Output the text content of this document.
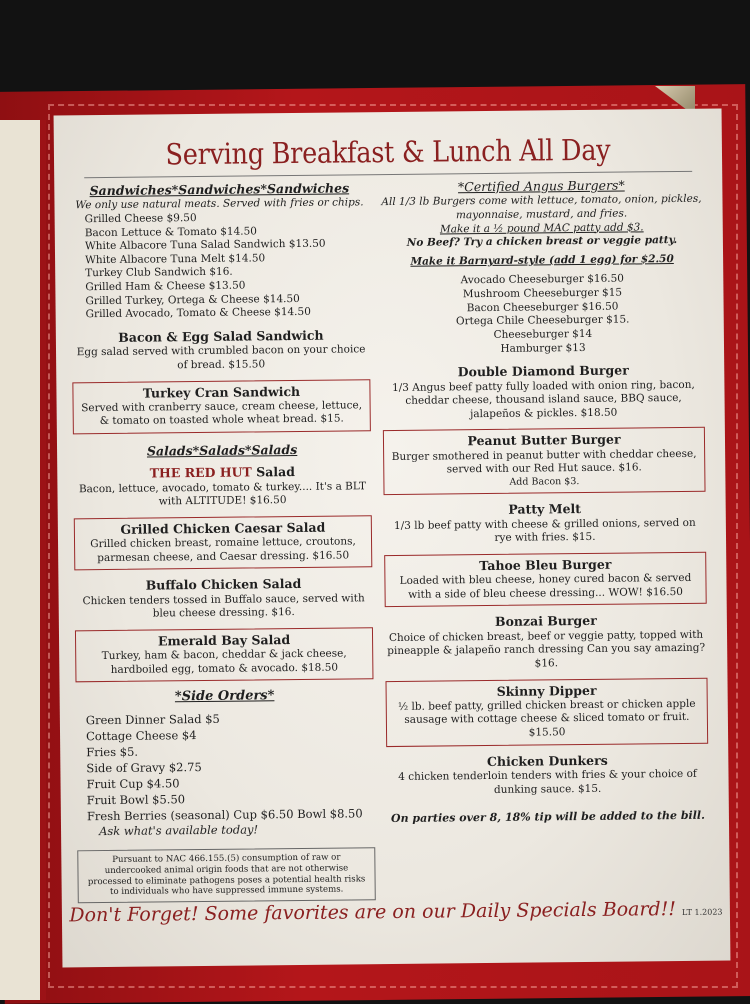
Serving Breakfast & Lunch All Day
Sandwiches*Sandwiches*Sandwiches
We only use natural meats. Served with fries or chips.
Grilled Cheese $9.50
Bacon Lettuce & Tomato $14.50
White Albacore Tuna Salad Sandwich $13.50
White Albacore Tuna Melt $14.50
Turkey Club Sandwich $16.
Grilled Ham & Cheese $13.50
Grilled Turkey, Ortega & Cheese $14.50
Grilled Avocado, Tomato & Cheese $14.50
Bacon & Egg Salad Sandwich
Egg salad served with crumbled bacon on your choice of bread. $15.50
Turkey Cran Sandwich
Served with cranberry sauce, cream cheese, lettuce, & tomato on toasted whole wheat bread. $15.
Salads*Salads*Salads
THE RED HUT Salad
Bacon, lettuce, avocado, tomato & turkey.... It's a BLT with ALTITUDE! $16.50
Grilled Chicken Caesar Salad
Grilled chicken breast, romaine lettuce, croutons, parmesan cheese, and Caesar dressing. $16.50
Buffalo Chicken Salad
Chicken tenders tossed in Buffalo sauce, served with bleu cheese dressing. $16.
Emerald Bay Salad
Turkey, ham & bacon, cheddar & jack cheese, hardboiled egg, tomato & avocado. $18.50
*Side Orders*
Green Dinner Salad $5
Cottage Cheese $4
Fries $5.
Side of Gravy $2.75
Fruit Cup $4.50
Fruit Bowl $5.50
Fresh Berries (seasonal) Cup $6.50 Bowl $8.50
Ask what's available today!
Pursuant to NAC 466.155.(5) consumption of raw or undercooked animal origin foods that are not otherwise processed to eliminate pathogens poses a potential health risks to individuals who have suppressed immune systems.
*Certified Angus Burgers*
All 1/3 lb Burgers come with lettuce, tomato, onion, pickles, mayonnaise, mustard, and fries.
Make it a ½ pound MAC patty add $3.
No Beef? Try a chicken breast or veggie patty.
Make it Barnyard-style (add 1 egg) for $2.50
Avocado Cheeseburger $16.50
Mushroom Cheeseburger $15
Bacon Cheeseburger $16.50
Ortega Chile Cheeseburger $15.
Cheeseburger $14
Hamburger $13
Double Diamond Burger
1/3 Angus beef patty fully loaded with onion ring, bacon, cheddar cheese, thousand island sauce, BBQ sauce, jalapeños & pickles. $18.50
Peanut Butter Burger
Burger smothered in peanut butter with cheddar cheese, served with our Red Hut sauce. $16.
Add Bacon $3.
Patty Melt
1/3 lb beef patty with cheese & grilled onions, served on rye with fries. $15.
Tahoe Bleu Burger
Loaded with bleu cheese, honey cured bacon & served with a side of bleu cheese dressing... WOW! $16.50
Bonzai Burger
Choice of chicken breast, beef or veggie patty, topped with pineapple & jalapeño ranch dressing Can you say amazing? $16.
Skinny Dipper
½ lb. beef patty, grilled chicken breast or chicken apple sausage with cottage cheese & sliced tomato or fruit. $15.50
Chicken Dunkers
4 chicken tenderloin tenders with fries & your choice of dunking sauce. $15.
On parties over 8, 18% tip will be added to the bill.
Don't Forget! Some favorites are on our Daily Specials Board!! LT 1.2023
